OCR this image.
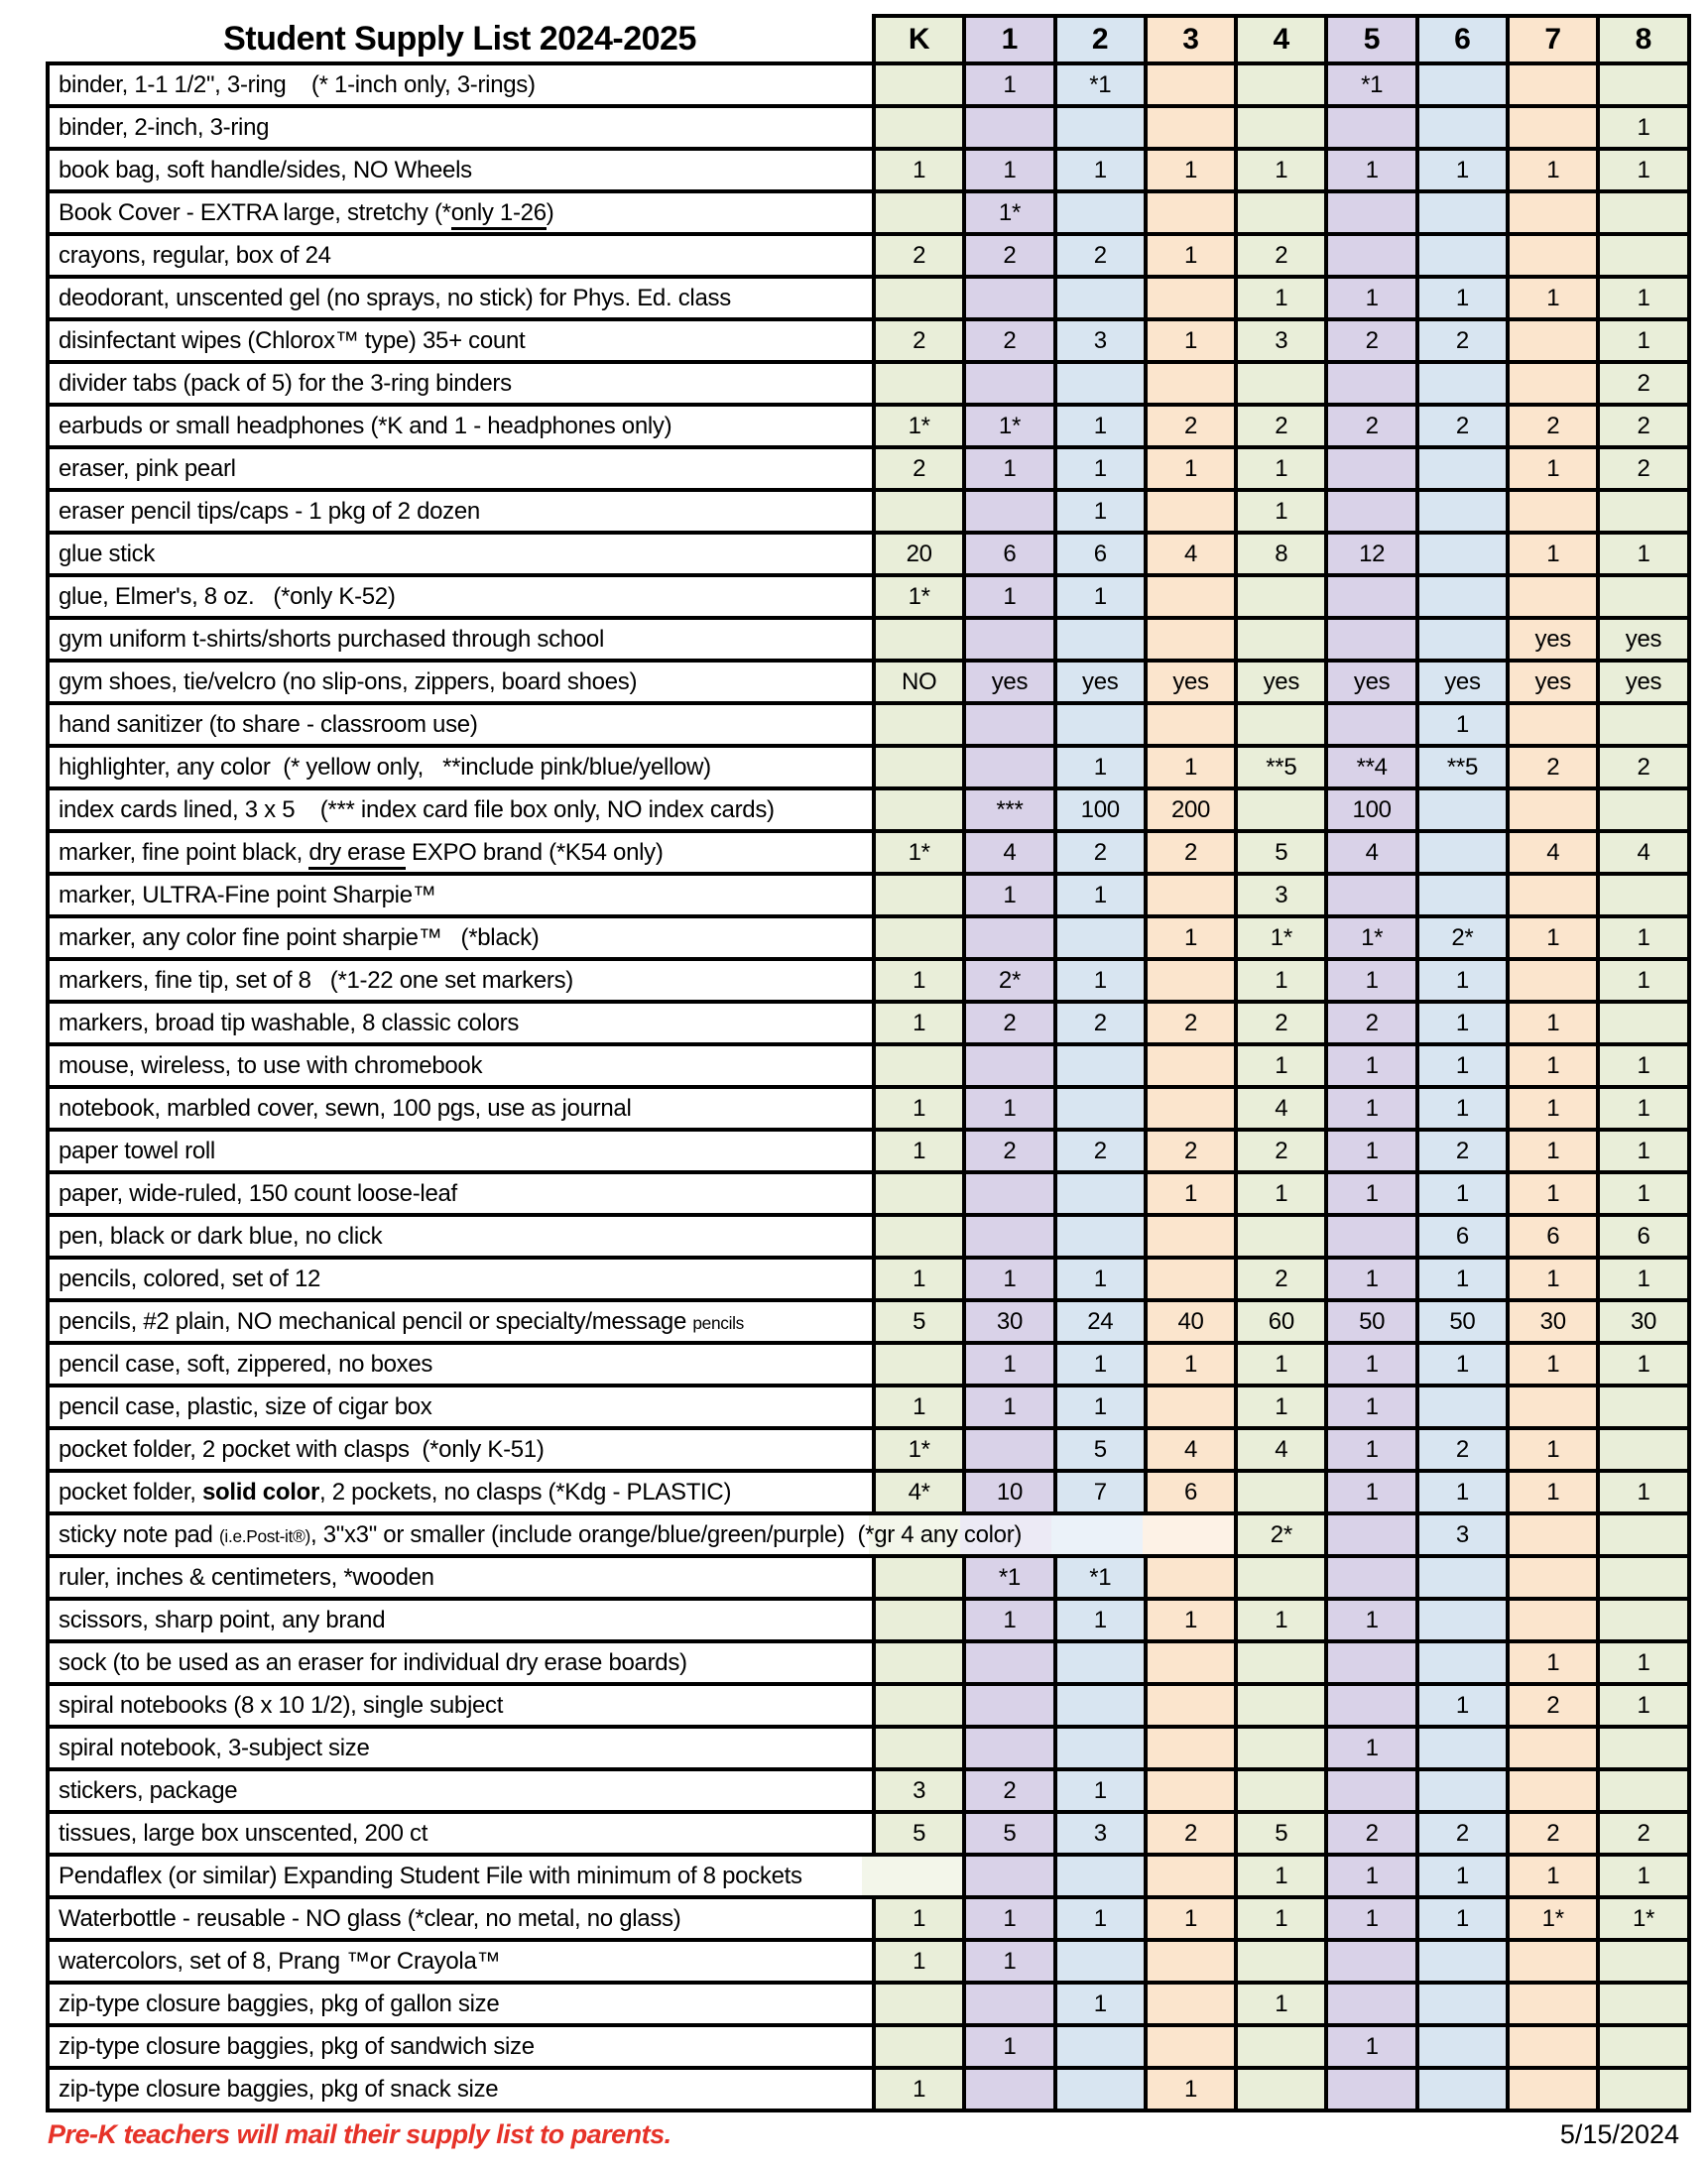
Student Supply List 2024-2025	K	1	2	3	4	5	6	7	8
binder, 1-1 1/2", 3-ring    (* 1-inch only, 3-rings)		1	*1			*1			
binder, 2-inch, 3-ring									1
book bag, soft handle/sides, NO Wheels	1	1	1	1	1	1	1	1	1
Book Cover - EXTRA large, stretchy (*only 1-26)		1*							
crayons, regular, box of 24	2	2	2	1	2				
deodorant, unscented gel (no sprays, no stick) for Phys. Ed. class					1	1	1	1	1
disinfectant wipes (Chlorox™ type) 35+ count	2	2	3	1	3	2	2		1
divider tabs (pack of 5) for the 3-ring binders									2
earbuds or small headphones (*K and 1 - headphones only)	1*	1*	1	2	2	2	2	2	2
eraser, pink pearl	2	1	1	1	1			1	2
eraser pencil tips/caps - 1 pkg of 2 dozen			1		1				
glue stick	20	6	6	4	8	12		1	1
glue, Elmer's, 8 oz.   (*only K-52)	1*	1	1						
gym uniform t-shirts/shorts purchased through school								yes	yes
gym shoes, tie/velcro (no slip-ons, zippers, board shoes)	NO	yes	yes	yes	yes	yes	yes	yes	yes
hand sanitizer (to share - classroom use)							1		
highlighter, any color  (* yellow only,   **include pink/blue/yellow)			1	1	**5	**4	**5	2	2
index cards lined, 3 x 5    (*** index card file box only, NO index cards)		***	100	200		100			
marker, fine point black, dry erase EXPO brand (*K54 only)	1*	4	2	2	5	4		4	4
marker, ULTRA-Fine point Sharpie™		1	1		3				
marker, any color fine point sharpie™   (*black)				1	1*	1*	2*	1	1
markers, fine tip, set of 8   (*1-22 one set markers)	1	2*	1		1	1	1		1
markers, broad tip washable, 8 classic colors	1	2	2	2	2	2	1	1	
mouse, wireless, to use with chromebook					1	1	1	1	1
notebook, marbled cover, sewn, 100 pgs, use as journal	1	1			4	1	1	1	1
paper towel roll	1	2	2	2	2	1	2	1	1
paper, wide-ruled, 150 count loose-leaf				1	1	1	1	1	1
pen, black or dark blue, no click							6	6	6
pencils, colored, set of 12	1	1	1		2	1	1	1	1
pencils, #2 plain, NO mechanical pencil or specialty/message pencils	5	30	24	40	60	50	50	30	30
pencil case, soft, zippered, no boxes		1	1	1	1	1	1	1	1
pencil case, plastic, size of cigar box	1	1	1		1	1			
pocket folder, 2 pocket with clasps  (*only K-51)	1*		5	4	4	1	2	1	
pocket folder, solid color, 2 pockets, no clasps (*Kdg - PLASTIC)	4*	10	7	6		1	1	1	1
sticky note pad (i.e.Post-it®), 3"x3" or smaller (include orange/blue/green/purple)  (*gr 4 any color)					2*		3		
ruler, inches & centimeters, *wooden		*1	*1						
scissors, sharp point, any brand		1	1	1	1	1			
sock (to be used as an eraser for individual dry erase boards)								1	1
spiral notebooks (8 x 10 1/2), single subject							1	2	1
spiral notebook, 3-subject size						1			
stickers, package	3	2	1						
tissues, large box unscented, 200 ct	5	5	3	2	5	2	2	2	2
Pendaflex (or similar) Expanding Student File with minimum of 8 pockets					1	1	1	1	1
Waterbottle - reusable - NO glass (*clear, no metal, no glass)	1	1	1	1	1	1	1	1*	1*
watercolors, set of 8, Prang ™or Crayola™	1	1							
zip-type closure baggies, pkg of gallon size			1		1				
zip-type closure baggies, pkg of sandwich size		1				1			
zip-type closure baggies, pkg of snack size	1			1					
Pre-K teachers will mail their supply list to parents.	5/15/2024
